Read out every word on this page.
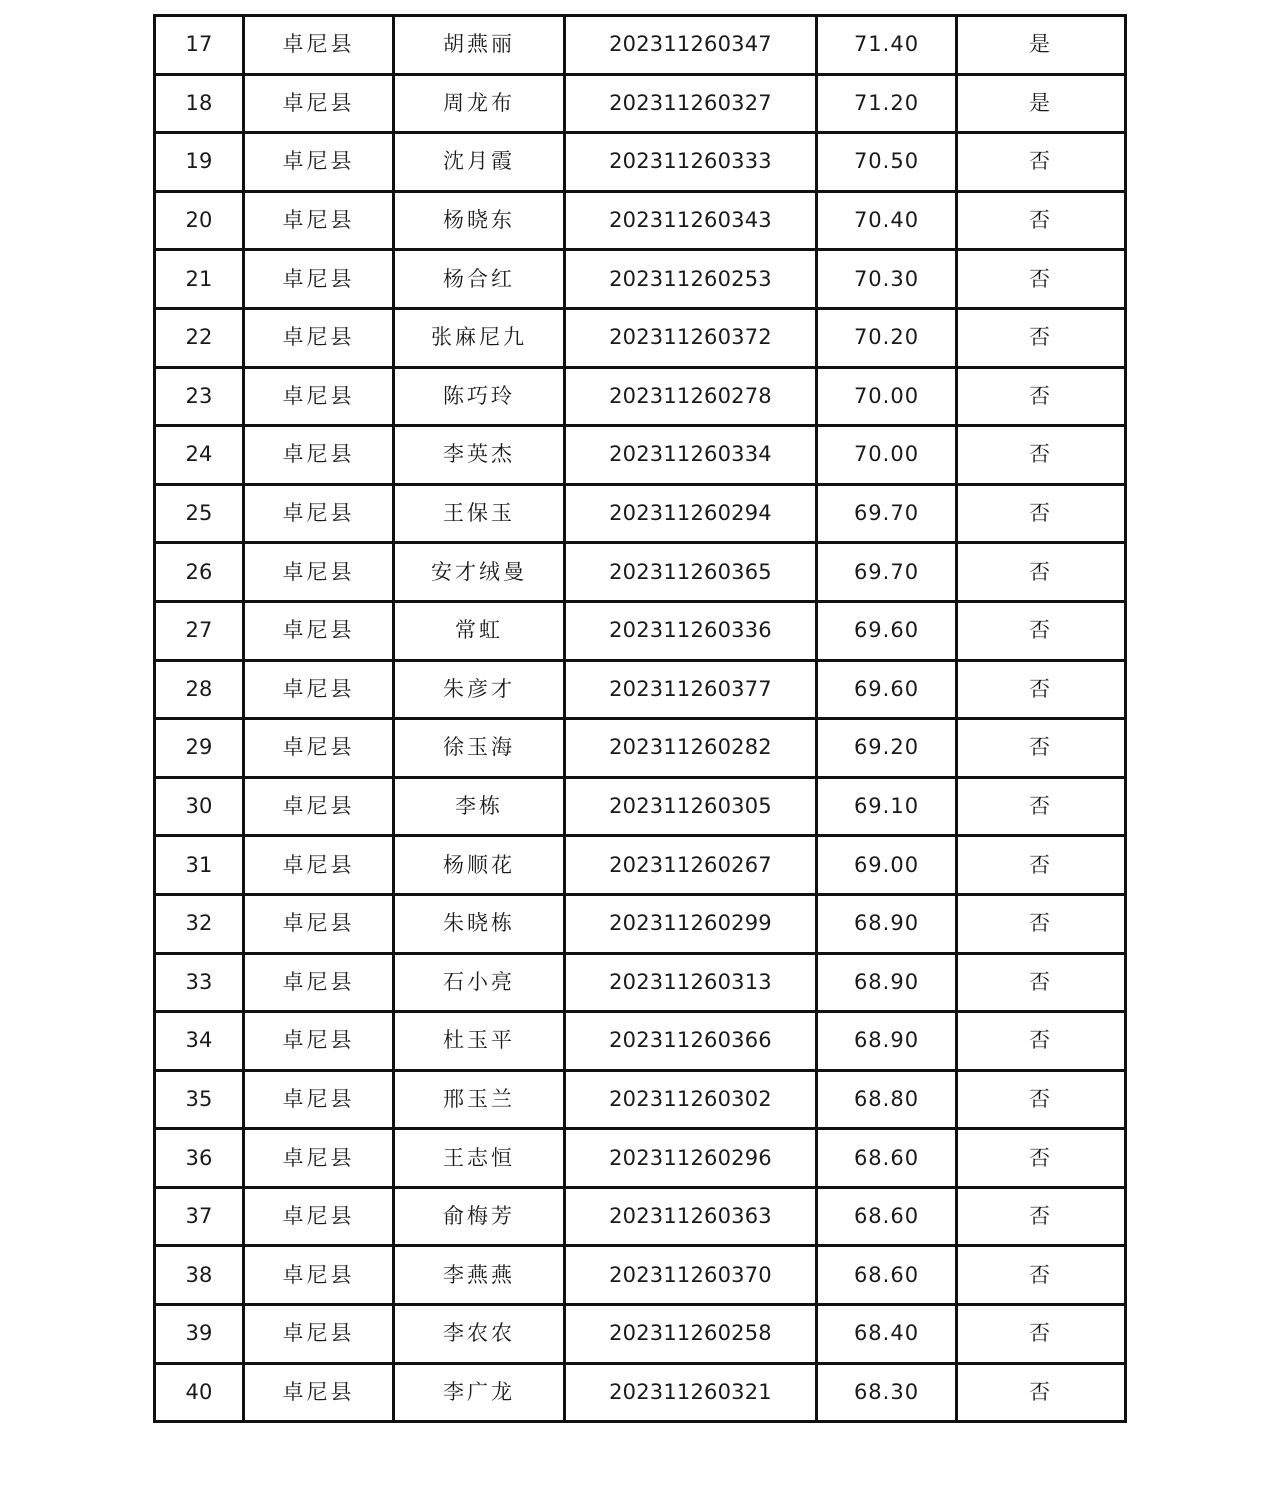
17	卓尼县	胡燕丽	202311260347	71.40	是
18	卓尼县	周龙布	202311260327	71.20	是
19	卓尼县	沈月霞	202311260333	70.50	否
20	卓尼县	杨晓东	202311260343	70.40	否
21	卓尼县	杨合红	202311260253	70.30	否
22	卓尼县	张麻尼九	202311260372	70.20	否
23	卓尼县	陈巧玲	202311260278	70.00	否
24	卓尼县	李英杰	202311260334	70.00	否
25	卓尼县	王保玉	202311260294	69.70	否
26	卓尼县	安才绒曼	202311260365	69.70	否
27	卓尼县	常虹	202311260336	69.60	否
28	卓尼县	朱彦才	202311260377	69.60	否
29	卓尼县	徐玉海	202311260282	69.20	否
30	卓尼县	李栋	202311260305	69.10	否
31	卓尼县	杨顺花	202311260267	69.00	否
32	卓尼县	朱晓栋	202311260299	68.90	否
33	卓尼县	石小亮	202311260313	68.90	否
34	卓尼县	杜玉平	202311260366	68.90	否
35	卓尼县	邢玉兰	202311260302	68.80	否
36	卓尼县	王志恒	202311260296	68.60	否
37	卓尼县	俞梅芳	202311260363	68.60	否
38	卓尼县	李燕燕	202311260370	68.60	否
39	卓尼县	李农农	202311260258	68.40	否
40	卓尼县	李广龙	202311260321	68.30	否
